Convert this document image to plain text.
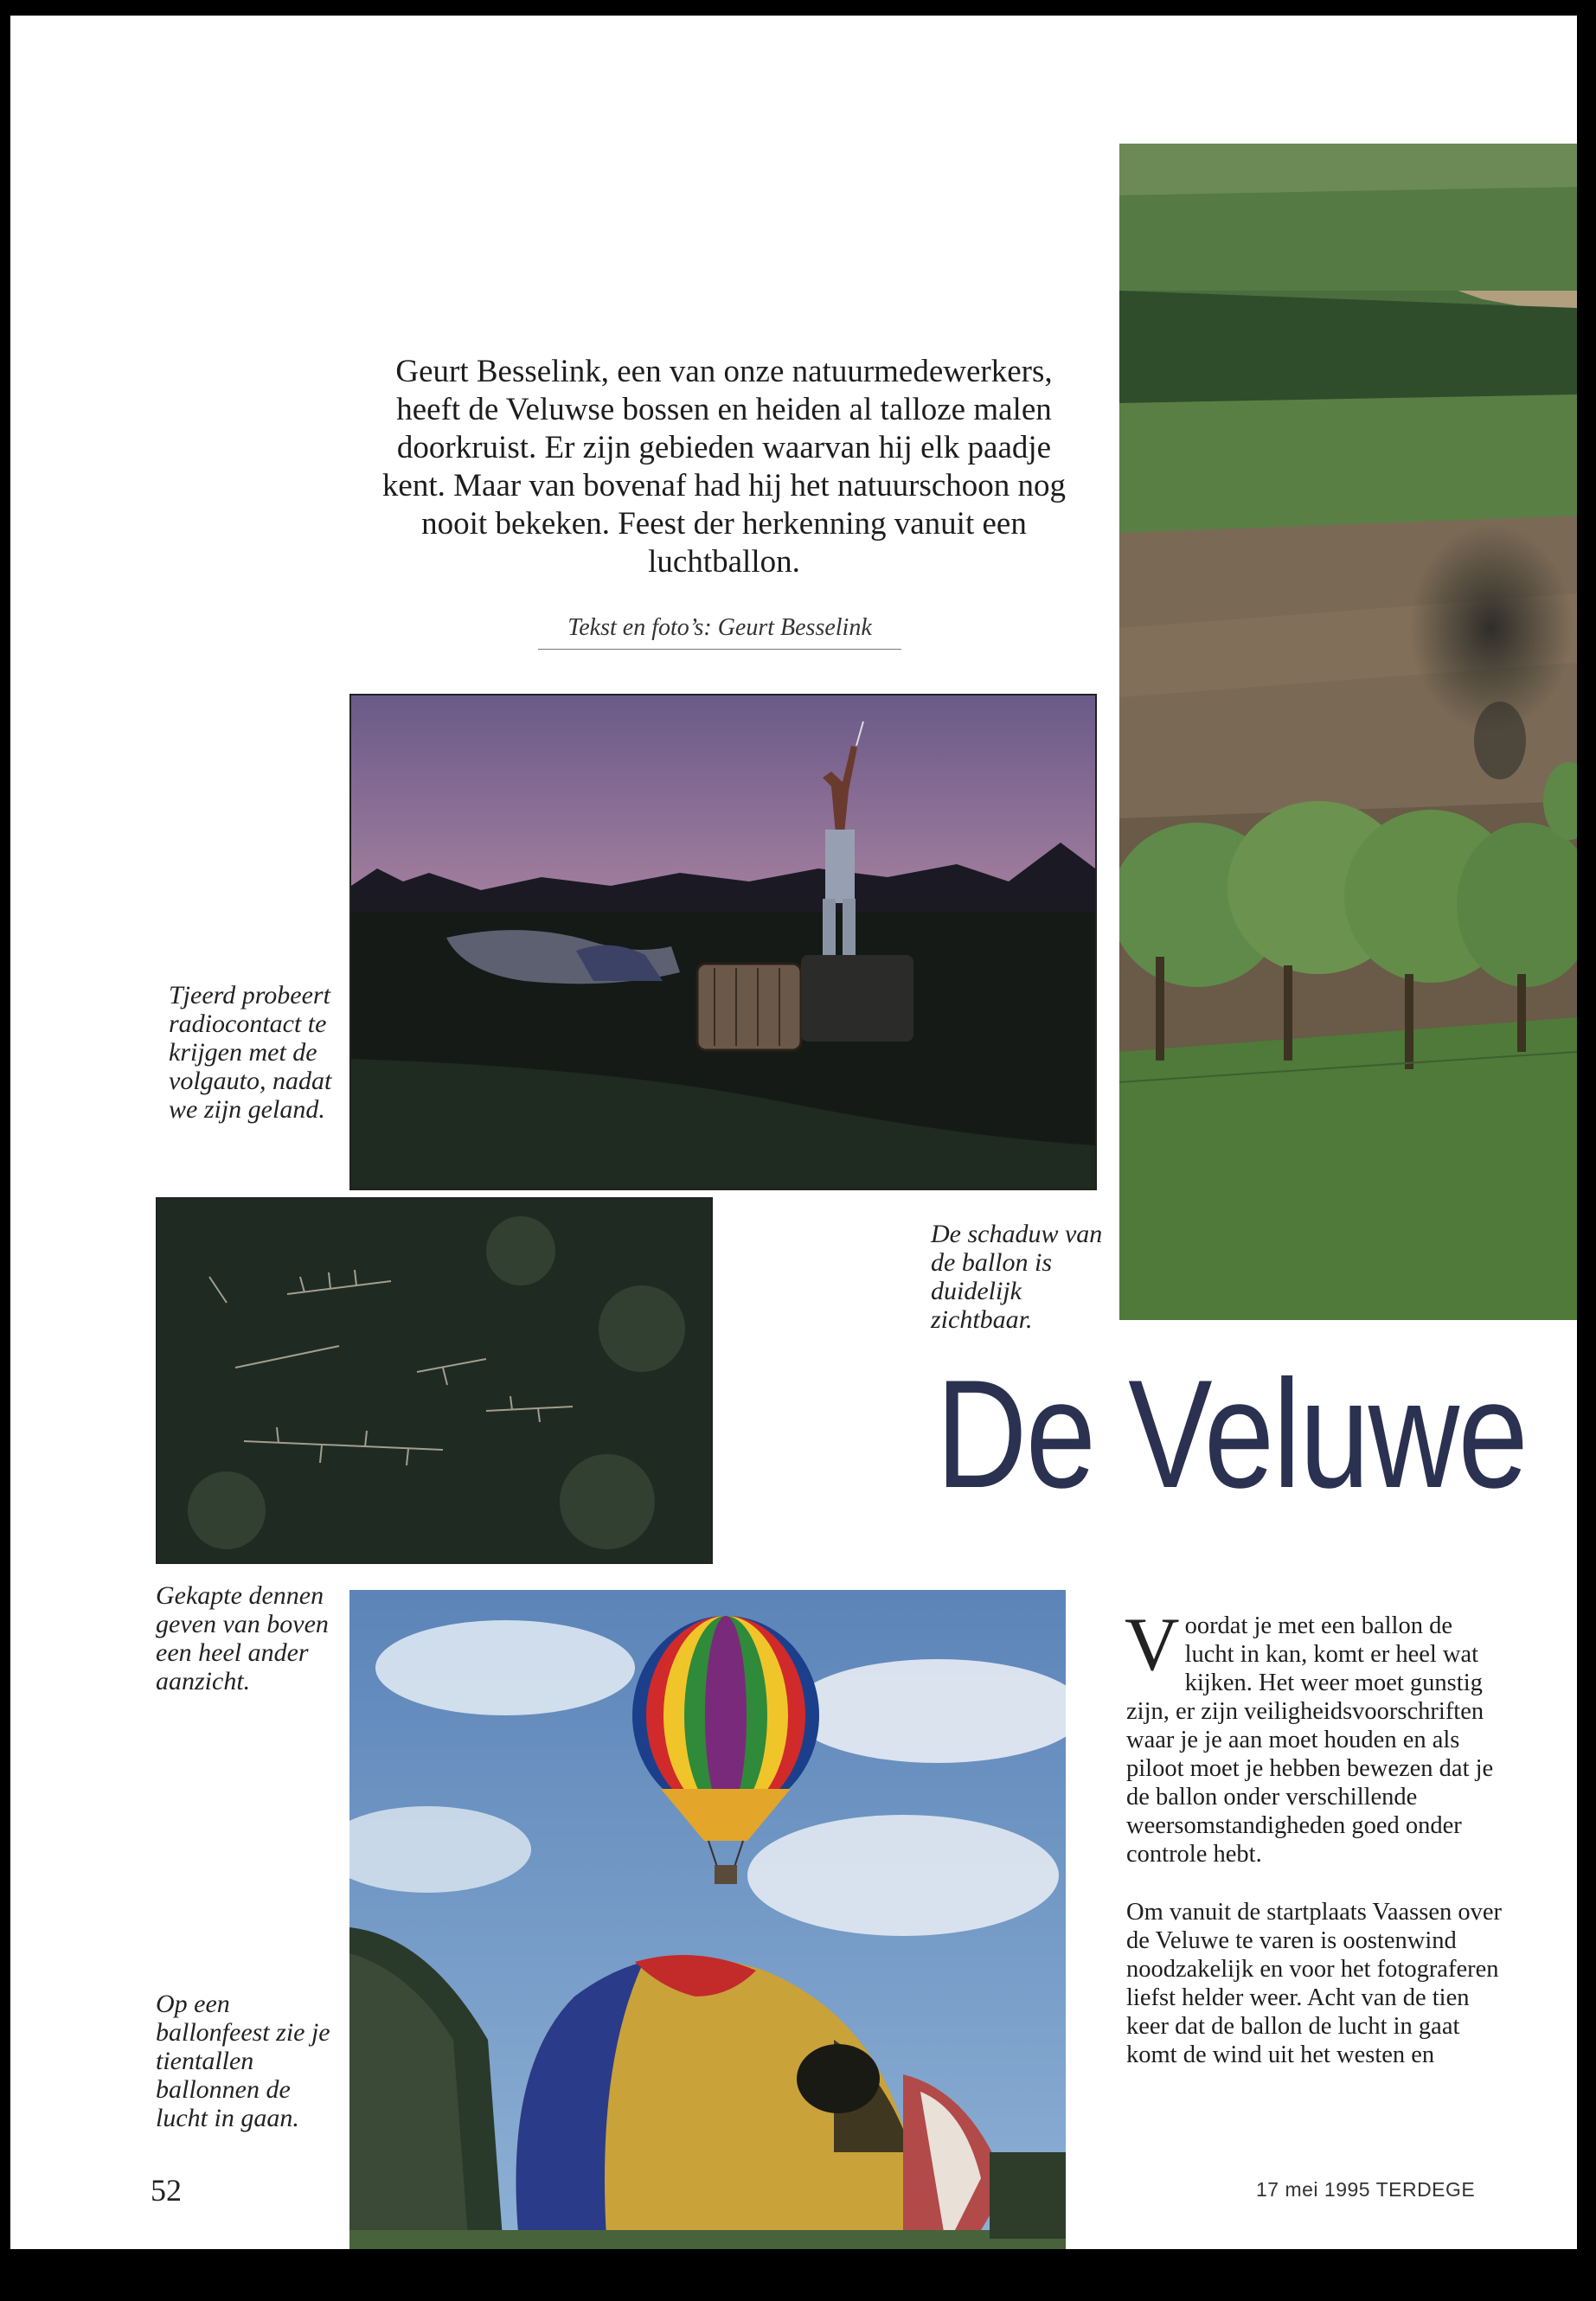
Geurt Besselink, een van onze natuurmedewerkers, heeft de Veluwse bossen en heiden al talloze malen doorkruist. Er zijn gebieden waarvan hij elk paadje kent. Maar van bovenaf had hij het natuurschoon nog nooit bekeken. Feest der herkenning vanuit een luchtballon.
Tekst en foto’s: Geurt Besselink
Tjeerd probeert radiocontact te krijgen met de volgauto, nadat we zijn geland.
De schaduw van de ballon is duidelijk zichtbaar.
De Veluwe
Gekapte dennen geven van boven een heel ander aanzicht.
Op een ballonfeest zie je tientallen ballonnen de lucht in gaan.

Voordat je met een ballon de lucht in kan, komt er heel wat kijken. Het weer moet gunstig zijn, er zijn veiligheidsvoorschriften waar je je aan moet houden en als piloot moet je hebben bewezen dat je de ballon onder verschillende weersomstandigheden goed onder controle hebt.

Om vanuit de startplaats Vaassen over de Veluwe te varen is oostenwind noodzakelijk en voor het fotograferen liefst helder weer. Acht van de tien keer dat de ballon de lucht in gaat komt de wind uit het westen en

52	17 mei 1995 TERDEGE
